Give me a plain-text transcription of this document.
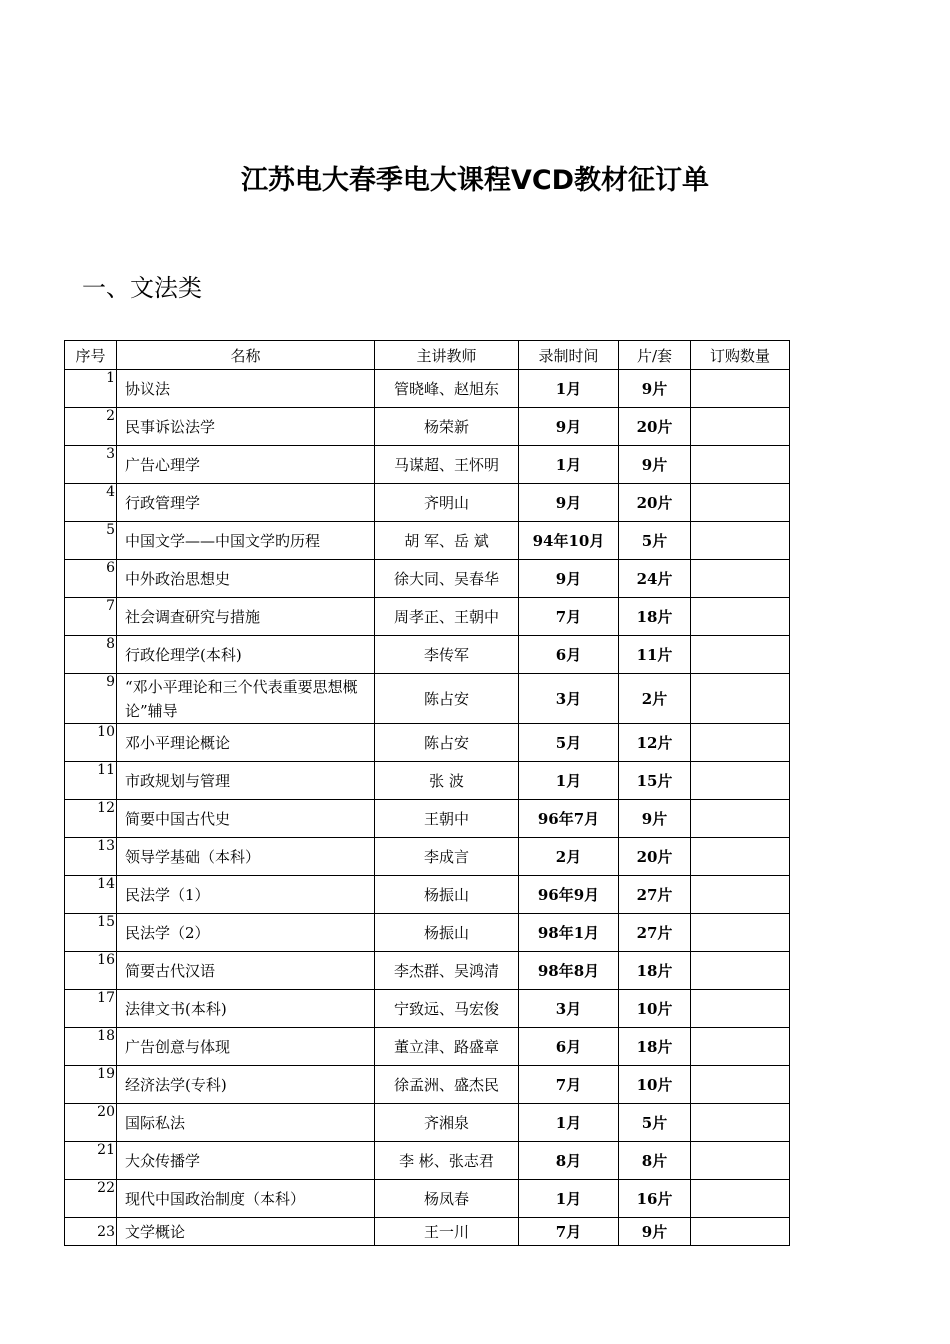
江苏电大春季电大课程VCD教材征订单
一、文法类
序号	名称	主讲教师	录制时间	片/套	订购数量
1	协议法	管晓峰、赵旭东	1月	9片	
2	民事诉讼法学	杨荣新	9月	20片	
3	广告心理学	马谋超、王怀明	1月	9片	
4	行政管理学	齐明山	9月	20片	
5	中国文学——中国文学旳历程	胡 军、岳 斌	94年10月	5片	
6	中外政治思想史	徐大同、吴春华	9月	24片	
7	社会调查研究与措施	周孝正、王朝中	7月	18片	
8	行政伦理学(本科)	李传军	6月	11片	
9	“邓小平理论和三个代表重要思想概论”辅导	陈占安	3月	2片	
10	邓小平理论概论	陈占安	5月	12片	
11	市政规划与管理	张 波	1月	15片	
12	简要中国古代史	王朝中	96年7月	9片	
13	领导学基础（本科）	李成言	2月	20片	
14	民法学（1）	杨振山	96年9月	27片	
15	民法学（2）	杨振山	98年1月	27片	
16	简要古代汉语	李杰群、吴鸿清	98年8月	18片	
17	法律文书(本科)	宁致远、马宏俊	3月	10片	
18	广告创意与体现	董立津、路盛章	6月	18片	
19	经济法学(专科)	徐孟洲、盛杰民	7月	10片	
20	国际私法	齐湘泉	1月	5片	
21	大众传播学	李 彬、张志君	8月	8片	
22	现代中国政治制度（本科）	杨凤春	1月	16片	
23	文学概论	王一川	7月	9片	
